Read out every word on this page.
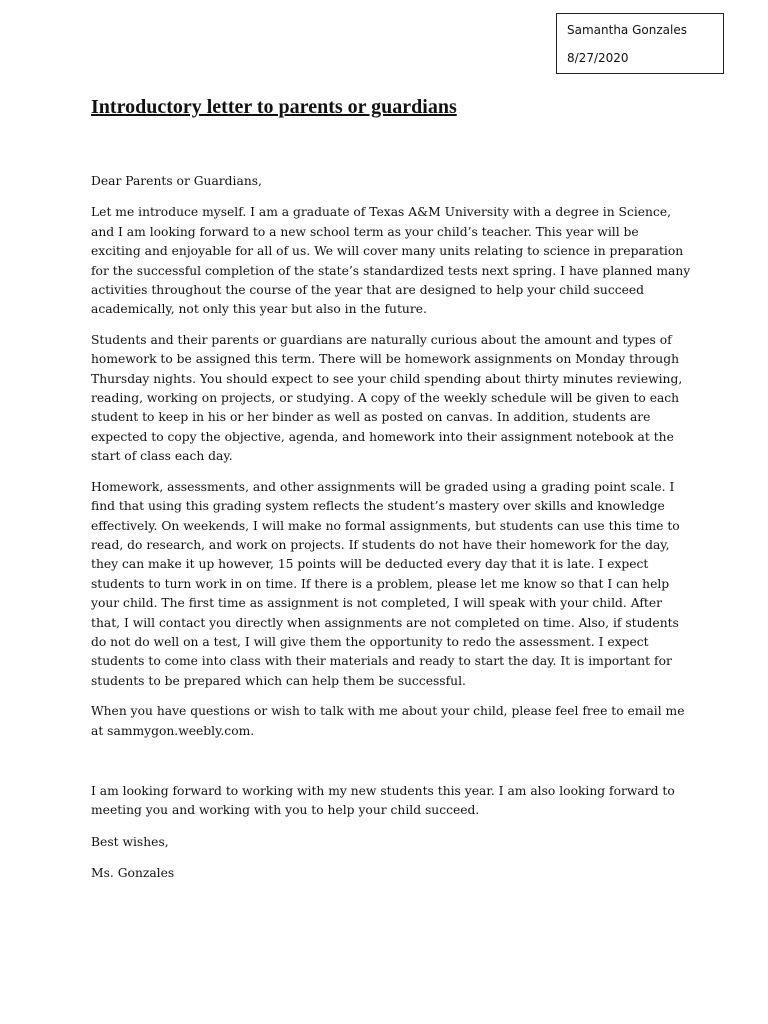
Samantha Gonzales
8/27/2020
Introductory letter to parents or guardians

Dear Parents or Guardians,

Let me introduce myself. I am a graduate of Texas A&M University with a degree in Science, and I am looking forward to a new school term as your child’s teacher. This year will be exciting and enjoyable for all of us. We will cover many units relating to science in preparation for the successful completion of the state’s standardized tests next spring. I have planned many activities throughout the course of the year that are designed to help your child succeed academically, not only this year but also in the future.

Students and their parents or guardians are naturally curious about the amount and types of homework to be assigned this term. There will be homework assignments on Monday through Thursday nights. You should expect to see your child spending about thirty minutes reviewing, reading, working on projects, or studying. A copy of the weekly schedule will be given to each student to keep in his or her binder as well as posted on canvas. In addition, students are expected to copy the objective, agenda, and homework into their assignment notebook at the start of class each day.

Homework, assessments, and other assignments will be graded using a grading point scale. I find that using this grading system reflects the student’s mastery over skills and knowledge effectively. On weekends, I will make no formal assignments, but students can use this time to read, do research, and work on projects. If students do not have their homework for the day, they can make it up however, 15 points will be deducted every day that it is late. I expect students to turn work in on time. If there is a problem, please let me know so that I can help your child. The first time as assignment is not completed, I will speak with your child. After that, I will contact you directly when assignments are not completed on time. Also, if students do not do well on a test, I will give them the opportunity to redo the assessment. I expect students to come into class with their materials and ready to start the day. It is important for students to be prepared which can help them be successful.

When you have questions or wish to talk with me about your child, please feel free to email me at sammygon.weebly.com.

I am looking forward to working with my new students this year. I am also looking forward to meeting you and working with you to help your child succeed.

Best wishes,

Ms. Gonzales
